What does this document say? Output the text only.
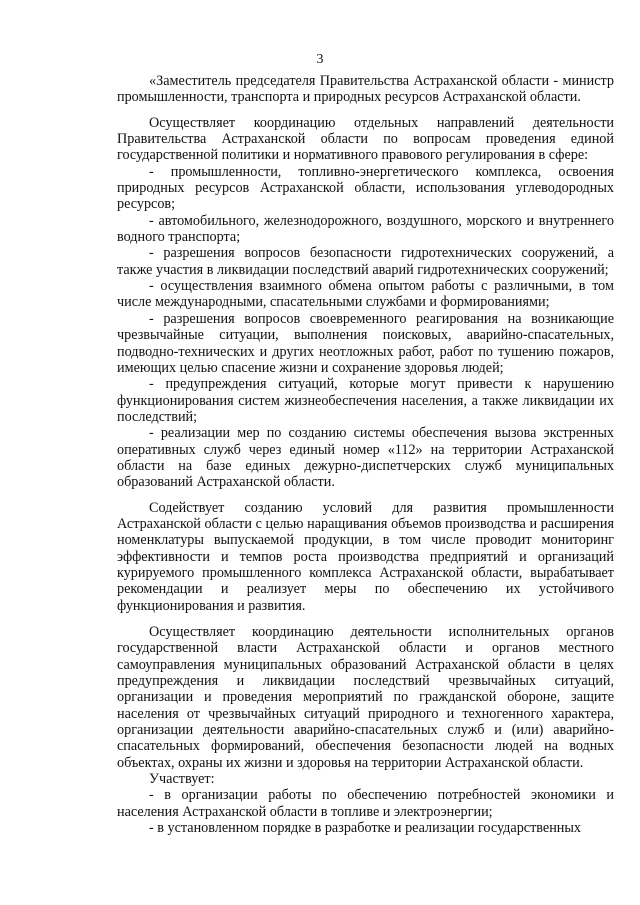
3

«Заместитель председателя Правительства Астраханской области - министр промышленности, транспорта и природных ресурсов Астраханской области.

Осуществляет координацию отдельных направлений деятельности Правительства Астраханской области по вопросам проведения единой государственной политики и нормативного правового регулирования в сфере:

- промышленности, топливно-энергетического комплекса, освоения природных ресурсов Астраханской области, использования углеводородных ресурсов;

- автомобильного, железнодорожного, воздушного, морского и внутреннего водного транспорта;

- разрешения вопросов безопасности гидротехнических сооружений, а также участия в ликвидации последствий аварий гидротехнических сооружений;

- осуществления взаимного обмена опытом работы с различными, в том числе международными, спасательными службами и формированиями;

- разрешения вопросов своевременного реагирования на возникающие чрезвычайные ситуации, выполнения поисковых, аварийно-спасательных, подводно-технических и других неотложных работ, работ по тушению пожаров, имеющих целью спасение жизни и сохранение здоровья людей;

- предупреждения ситуаций, которые могут привести к нарушению функционирования систем жизнеобеспечения населения, а также ликвидации их последствий;

- реализации мер по созданию системы обеспечения вызова экстренных оперативных служб через единый номер «112» на территории Астраханской области на базе единых дежурно-диспетчерских служб муниципальных образований Астраханской области.

Содействует созданию условий для развития промышленности Астраханской области с целью наращивания объемов производства и расширения номенклатуры выпускаемой продукции, в том числе проводит мониторинг эффективности и темпов роста производства предприятий и организаций курируемого промышленного комплекса Астраханской области, вырабатывает рекомендации и реализует меры по обеспечению их устойчивого функционирования и развития.

Осуществляет координацию деятельности исполнительных органов государственной власти Астраханской области и органов местного самоуправления муниципальных образований Астраханской области в целях предупреждения и ликвидации последствий чрезвычайных ситуаций, организации и проведения мероприятий по гражданской обороне, защите населения от чрезвычайных ситуаций природного и техногенного характера, организации деятельности аварийно-спасательных служб и (или) аварийно-спасательных формирований, обеспечения безопасности людей на водных объектах, охраны их жизни и здоровья на территории Астраханской области.

Участвует:

- в организации работы по обеспечению потребностей экономики и населения Астраханской области в топливе и электроэнергии;

- в установленном порядке в разработке и реализации государственных
